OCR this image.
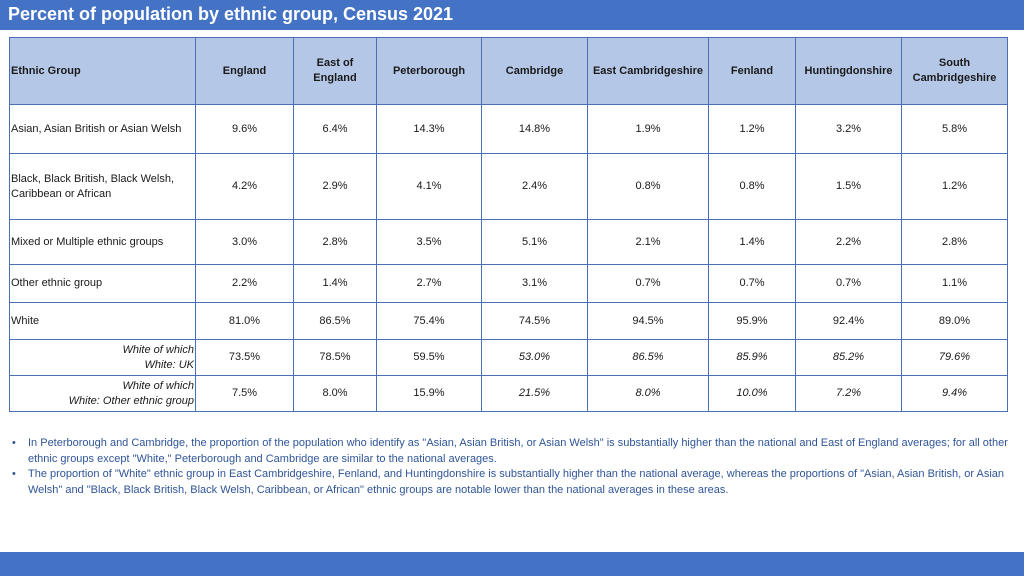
Percent of population by ethnic group, Census 2021
Ethnic Group	England	East of England	Peterborough	Cambridge	East Cambridgeshire	Fenland	Huntingdonshire	South Cambridgeshire
Asian, Asian British or Asian Welsh	9.6%	6.4%	14.3%	14.8%	1.9%	1.2%	3.2%	5.8%
Black, Black British, Black Welsh, Caribbean or African	4.2%	2.9%	4.1%	2.4%	0.8%	0.8%	1.5%	1.2%
Mixed or Multiple ethnic groups	3.0%	2.8%	3.5%	5.1%	2.1%	1.4%	2.2%	2.8%
Other ethnic group	2.2%	1.4%	2.7%	3.1%	0.7%	0.7%	0.7%	1.1%
White	81.0%	86.5%	75.4%	74.5%	94.5%	95.9%	92.4%	89.0%
White of which
White: UK	73.5%	78.5%	59.5%	53.0%	86.5%	85.9%	85.2%	79.6%
White of which
White: Other ethnic group	7.5%	8.0%	15.9%	21.5%	8.0%	10.0%	7.2%	9.4%
• In Peterborough and Cambridge, the proportion of the population who identify as "Asian, Asian British, or Asian Welsh" is substantially higher than the national and East of England averages; for all other ethnic groups except "White," Peterborough and Cambridge are similar to the national averages.
• The proportion of "White" ethnic group in East Cambridgeshire, Fenland, and Huntingdonshire is substantially higher than the national average, whereas the proportions of "Asian, Asian British, or Asian Welsh" and "Black, Black British, Black Welsh, Caribbean, or African" ethnic groups are notable lower than the national averages in these areas.
